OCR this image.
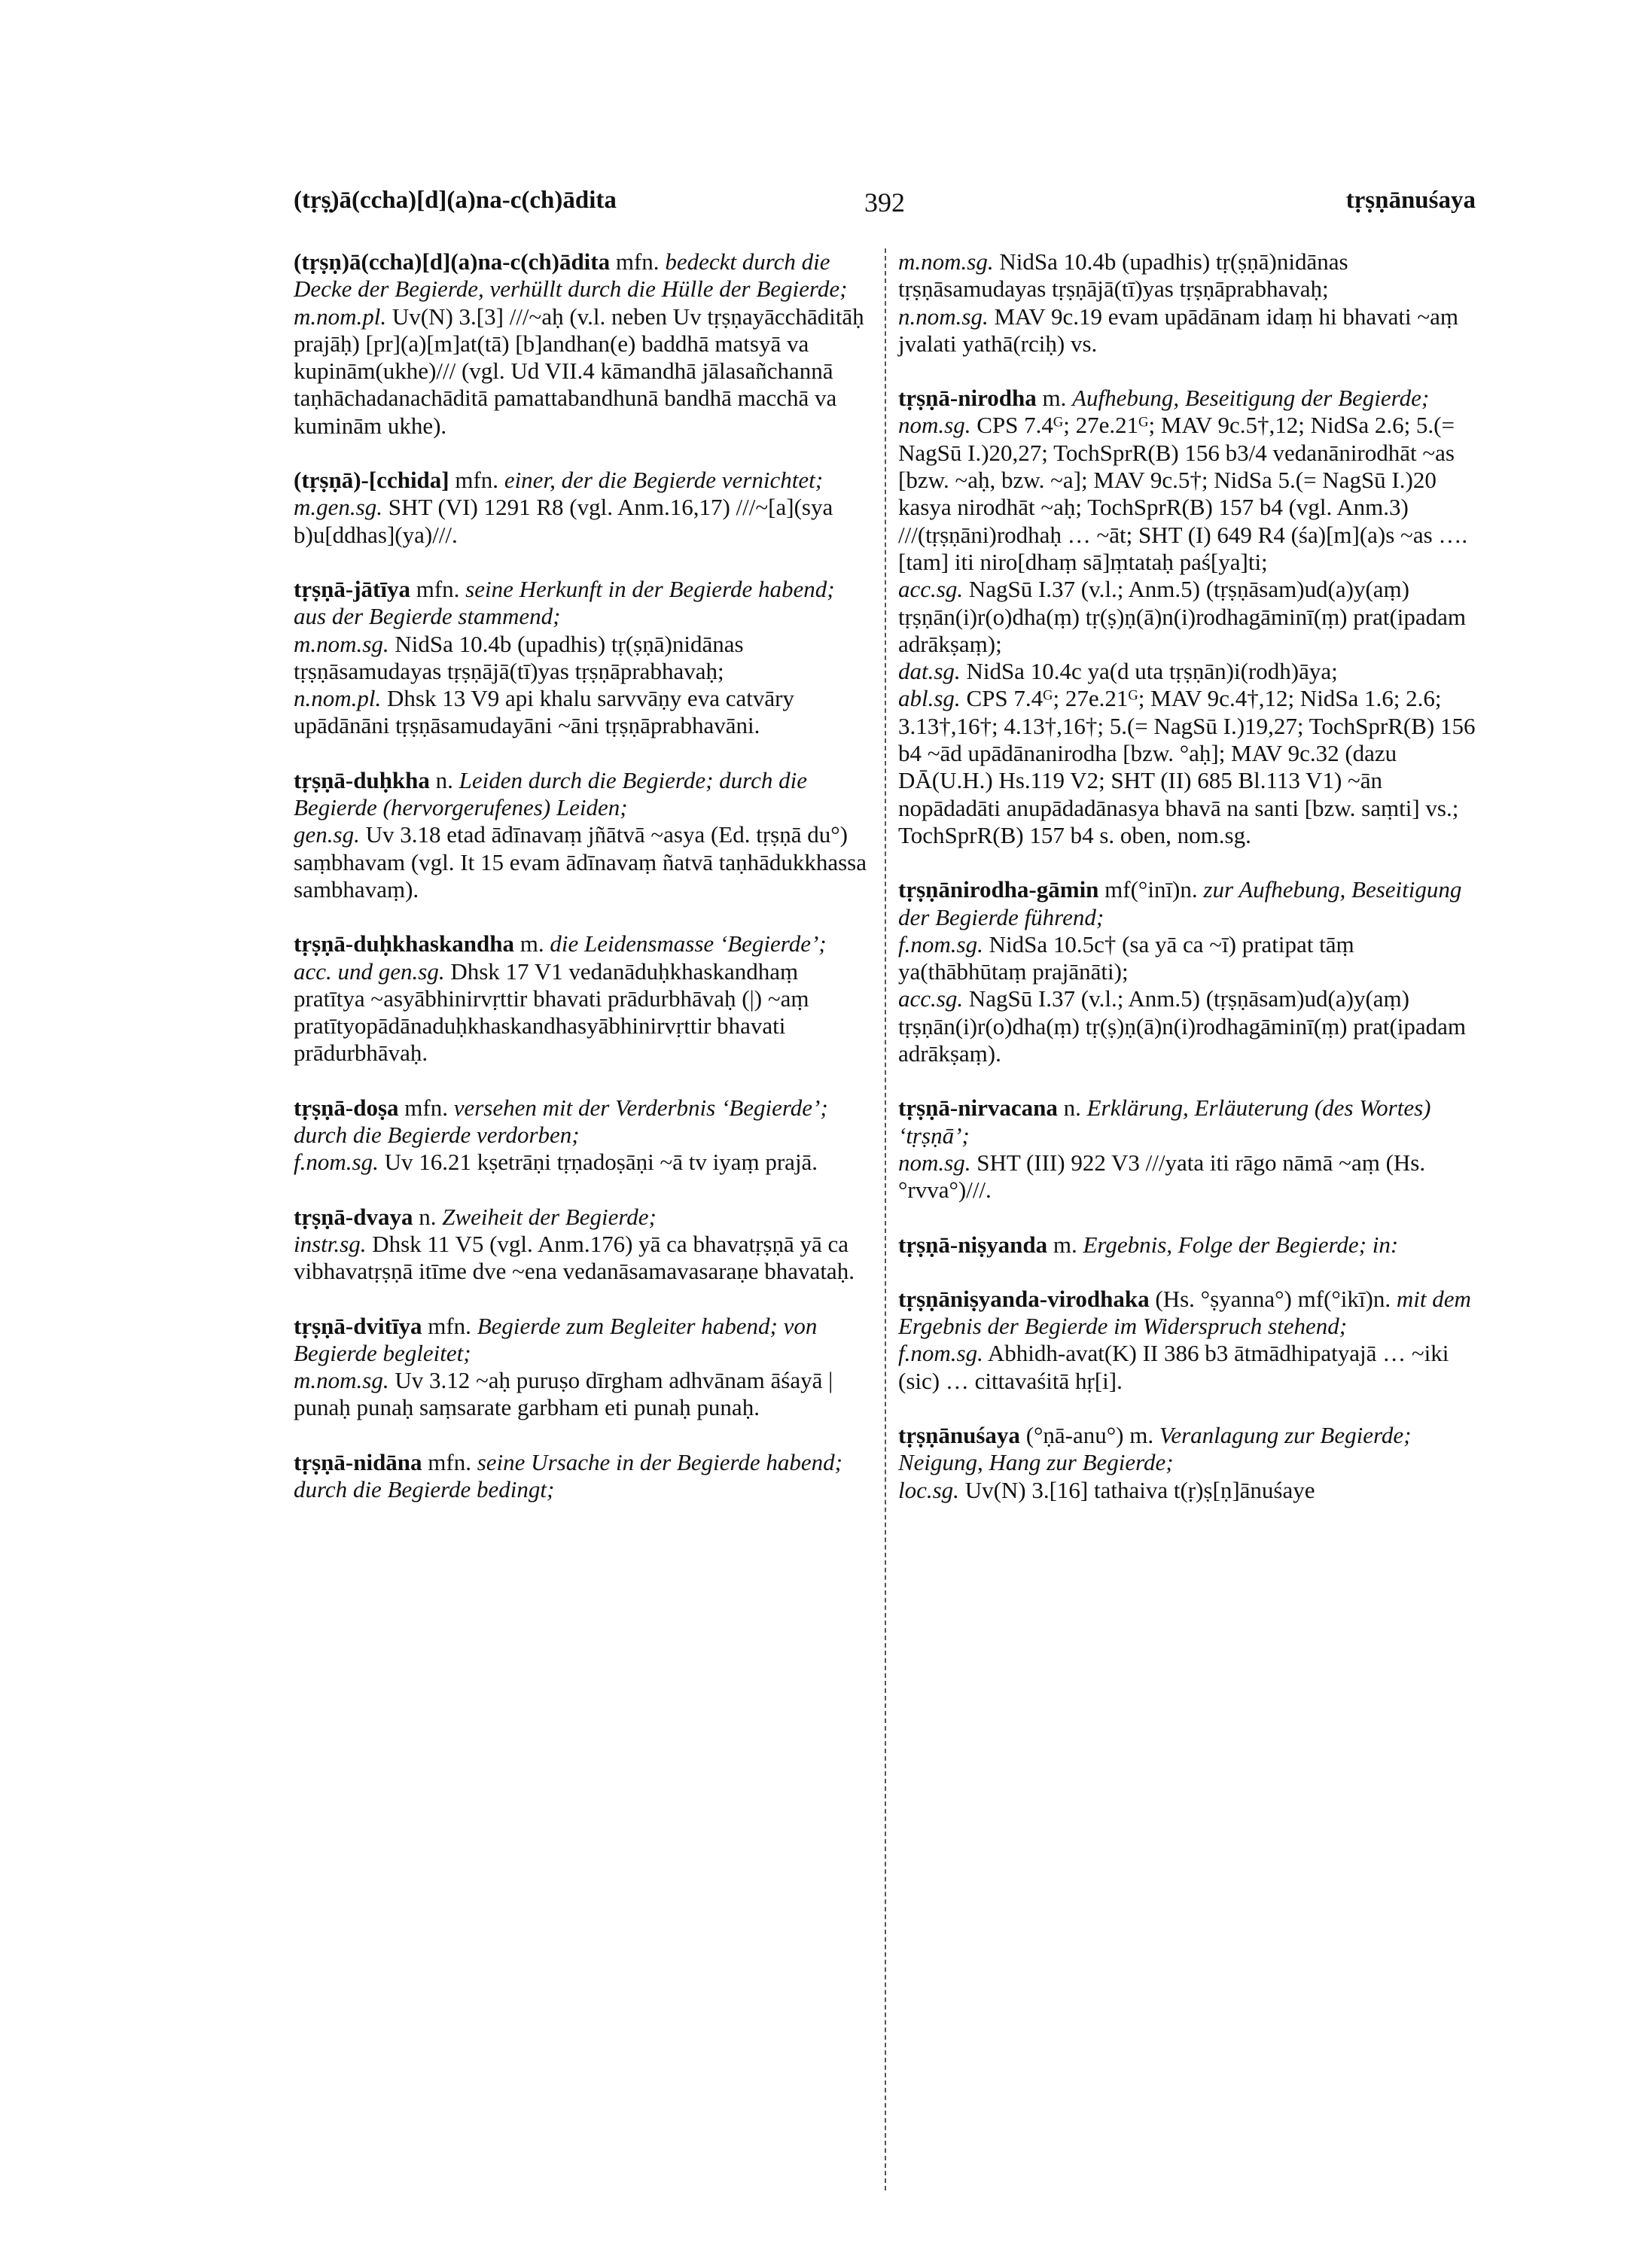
(tṛṣ̣)ā(ccha)[d](a)na-c(ch)ādita	392	tṛṣṇānuśaya

(tṛṣṇ)ā(ccha)[d](a)na-c(ch)ādita mfn. bedeckt durch die Decke der Begierde, verhüllt durch die Hülle der Begierde;

m.nom.pl. Uv(N) 3.[3] ///~aḥ (v.l. neben Uv tṛṣṇayācchāditāḥ prajāḥ) [pr](a)[m]at(tā) [b]andhan(e) baddhā matsyā va kupinām(ukhe)/// (vgl. Ud VII.4 kāmandhā jālasañchannā taṇhāchadanachāditā pamattabandhunā bandhā macchā va kuminām ukhe).

(tṛṣṇā)-[cchida] mfn. einer, der die Begierde vernichtet;

m.gen.sg. SHT (VI) 1291 R8 (vgl. Anm.16,17) ///~[a](sya b)u[ddhas](ya)///.

tṛṣṇā-jātīya mfn. seine Herkunft in der Begierde habend; aus der Begierde stammend;

m.nom.sg. NidSa 10.4b (upadhis) tṛ(ṣṇā)nidānas tṛṣṇāsamudayas tṛṣṇājā(tī)yas tṛṣṇāprabhavaḥ;

n.nom.pl. Dhsk 13 V9 api khalu sarvvāṇy eva catvāry upādānāni tṛṣṇāsamudayāni ~āni tṛṣṇāprabhavāni.

tṛṣṇā-duḥkha n. Leiden durch die Begierde; durch die Begierde (hervorgerufenes) Leiden;

gen.sg. Uv 3.18 etad ādīnavaṃ jñātvā ~asya (Ed. tṛṣṇā du°) saṃbhavam (vgl. It 15 evam ādīnavaṃ ñatvā taṇhādukkhassa sambhavaṃ).

tṛṣṇā-duḥkhaskandha m. die Leidensmasse ‘Begierde’;

acc. und gen.sg. Dhsk 17 V1 vedanāduḥkhaskandhaṃ pratītya ~asyābhinirvṛttir bhavati prādurbhāvaḥ (|) ~aṃ pratītyopādānaduḥkhaskandhasyābhinirvṛttir bhavati prādurbhāvaḥ.

tṛṣṇā-doṣa mfn. versehen mit der Verderbnis ‘Begierde’; durch die Begierde verdorben;

f.nom.sg. Uv 16.21 kṣetrāṇi tṛṇadoṣāṇi ~ā tv iyaṃ prajā.

tṛṣṇā-dvaya n. Zweiheit der Begierde;

instr.sg. Dhsk 11 V5 (vgl. Anm.176) yā ca bhavatṛṣṇā yā ca vibhavatṛṣṇā itīme dve ~ena vedanāsamavasaraṇe bhavataḥ.

tṛṣṇā-dvitīya mfn. Begierde zum Begleiter habend; von Begierde begleitet;

m.nom.sg. Uv 3.12 ~aḥ puruṣo dīrgham adhvānam āśayā | punaḥ punaḥ saṃsarate garbham eti punaḥ punaḥ.

tṛṣṇā-nidāna mfn. seine Ursache in der Begierde habend; durch die Begierde bedingt;

m.nom.sg. NidSa 10.4b (upadhis) tṛ(ṣṇā)nidānas tṛṣṇāsamudayas tṛṣṇājā(tī)yas tṛṣṇāprabhavaḥ;

n.nom.sg. MAV 9c.19 evam upādānam idaṃ hi bhavati ~aṃ jvalati yathā(rciḥ) vs.

tṛṣṇā-nirodha m. Aufhebung, Beseitigung der Begierde;

nom.sg. CPS 7.4ᴳ; 27e.21ᴳ; MAV 9c.5†,12; NidSa 2.6; 5.(= NagSū I.)20,27; TochSprR(B) 156 b3/4 vedanānirodhāt ~as [bzw. ~aḥ, bzw. ~a]; MAV 9c.5†; NidSa 5.(= NagSū I.)20 kasya nirodhāt ~aḥ; TochSprR(B) 157 b4 (vgl. Anm.3) ///(tṛṣṇāni)rodhaḥ … ~āt; SHT (I) 649 R4 (śa)[m](a)s ~as …. [tam] iti niro[dhaṃ sā]ṃtataḥ paś[ya]ti;

acc.sg. NagSū I.37 (v.l.; Anm.5) (tṛṣṇāsam)ud(a)y(aṃ) tṛṣṇān(i)r(o)dha(ṃ) tṛ(ṣ)ṇ(ā)n(i)rodhagāminī(ṃ) prat(ipadam adrākṣaṃ);

dat.sg. NidSa 10.4c ya(d uta tṛṣṇān)i(rodh)āya;

abl.sg. CPS 7.4ᴳ; 27e.21ᴳ; MAV 9c.4†,12; NidSa 1.6; 2.6; 3.13†,16†; 4.13†,16†; 5.(= NagSū I.)19,27; TochSprR(B) 156 b4 ~ād upādānanirodha [bzw. °aḥ]; MAV 9c.32 (dazu DĀ(U.H.) Hs.119 V2; SHT (II) 685 Bl.113 V1) ~ān nopādadāti anupādadānasya bhavā na santi [bzw. saṃti] vs.; TochSprR(B) 157 b4 s. oben, nom.sg.

tṛṣṇānirodha-gāmin mf(°inī)n. zur Aufhebung, Beseitigung der Begierde führend;

f.nom.sg. NidSa 10.5c† (sa yā ca ~ī) pratipat tāṃ ya(thābhūtaṃ prajānāti);

acc.sg. NagSū I.37 (v.l.; Anm.5) (tṛṣṇāsam)ud(a)y(aṃ) tṛṣṇān(i)r(o)dha(ṃ) tṛ(ṣ)ṇ(ā)n(i)rodhagāminī(ṃ) prat(ipadam adrākṣaṃ).

tṛṣṇā-nirvacana n. Erklärung, Erläuterung (des Wortes) ‘tṛṣṇā’;

nom.sg. SHT (III) 922 V3 ///yata iti rāgo nāmā ~aṃ (Hs. °rvva°)///.

tṛṣṇā-niṣyanda m. Ergebnis, Folge der Begierde; in:

tṛṣṇāniṣyanda-virodhaka (Hs. °ṣyanna°) mf(°ikī)n. mit dem Ergebnis der Begierde im Widerspruch stehend;

f.nom.sg. Abhidh-avat(K) II 386 b3 ātmādhipatyajā … ~iki (sic) … cittavaśitā hṛ[i].

tṛṣṇānuśaya (°ṇā-anu°) m. Veranlagung zur Begierde; Neigung, Hang zur Begierde;

loc.sg. Uv(N) 3.[16] tathaiva t(ṛ)ṣ[ṇ]ānuśaye
